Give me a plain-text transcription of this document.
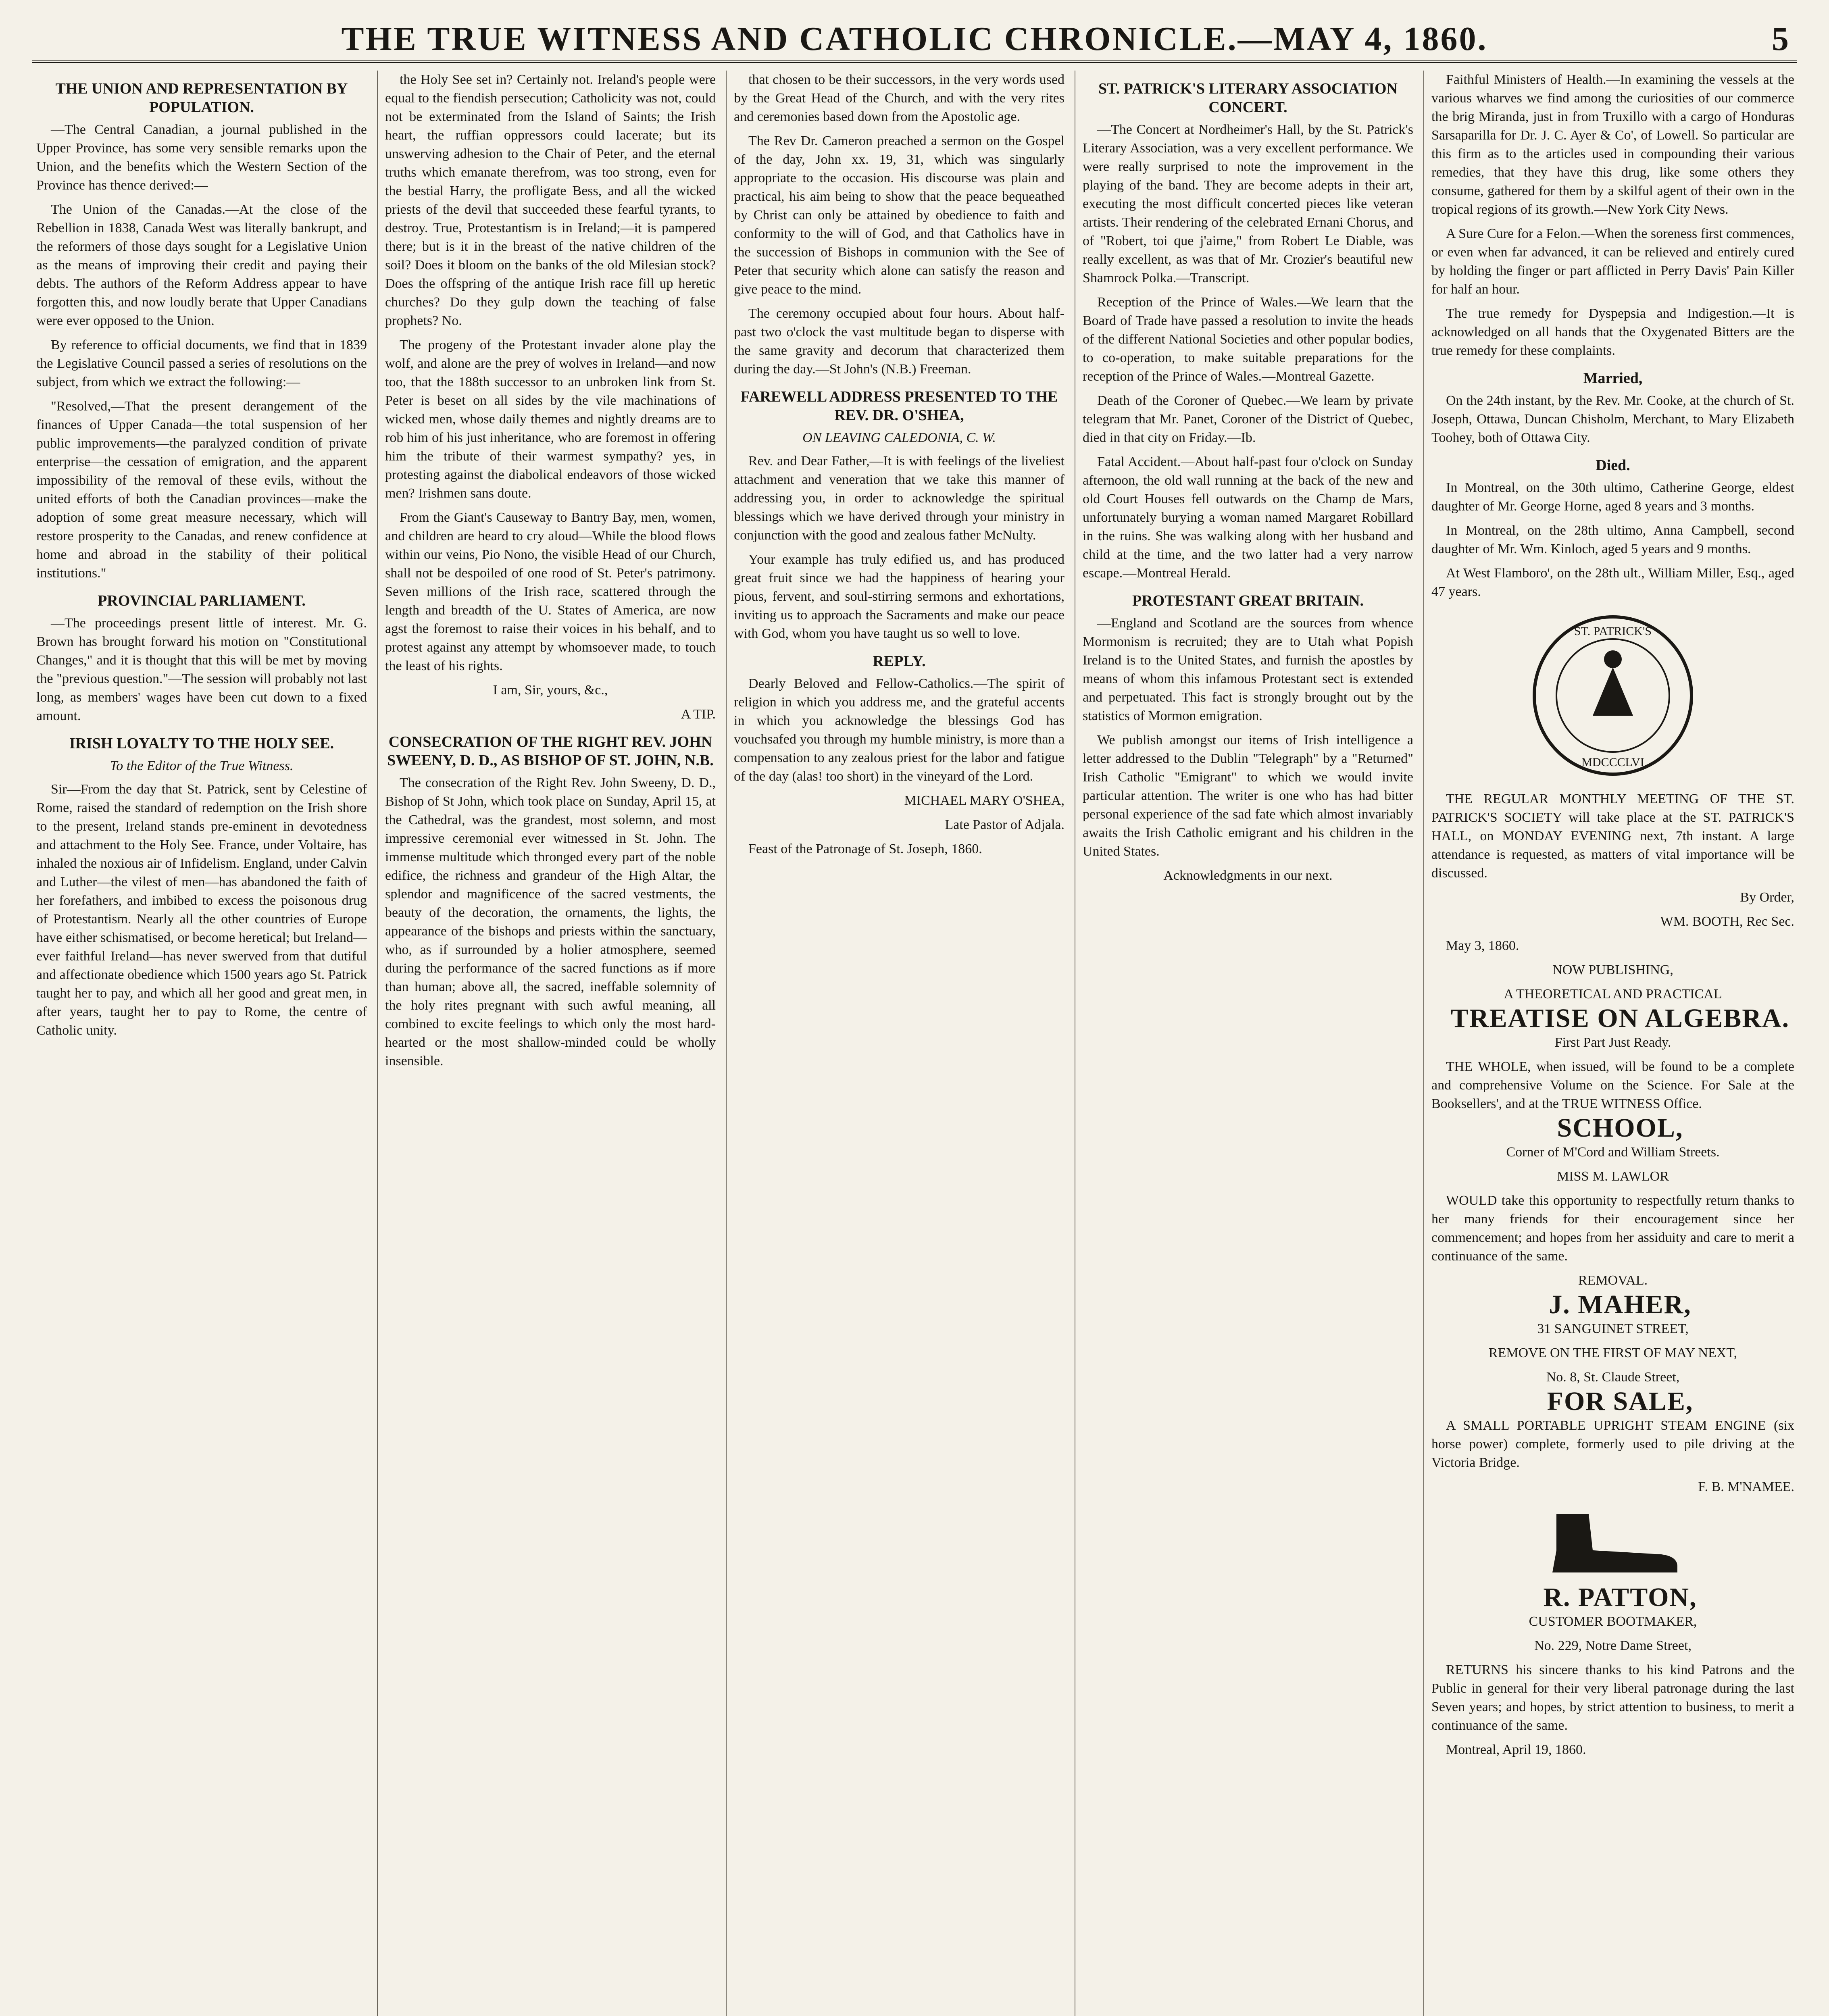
THE TRUE WITNESS AND CATHOLIC CHRONICLE.—MAY 4, 1860.	5

THE UNION AND REPRESENTATION BY POPULATION.

—The Central Canadian, a journal published in the Upper Province, has some very sensible remarks upon the Union, and the benefits which the Western Section of the Province has thence derived:—

The Union of the Canadas.—At the close of the Rebellion in 1838, Canada West was literally bankrupt, and the reformers of those days sought for a Legislative Union as the means of improving their credit and paying their debts. The authors of the Reform Address appear to have forgotten this, and now loudly berate that Upper Canadians were ever opposed to the Union.

By reference to official documents, we find that in 1839 the Legislative Council passed a series of resolutions on the subject, from which we extract the following:—

"Resolved,—That the present derangement of the finances of Upper Canada—the total suspension of her public improvements—the paralyzed condition of private enterprise—the cessation of emigration, and the apparent impossibility of the removal of these evils, without the united efforts of both the Canadian provinces—make the adoption of some great measure necessary, which will restore prosperity to the Canadas, and renew confidence at home and abroad in the stability of their political institutions."

PROVINCIAL PARLIAMENT.

—The proceedings present little of interest. Mr. G. Brown has brought forward his motion on "Constitutional Changes," and it is thought that this will be met by moving the "previous question."—The session will probably not last long, as members' wages have been cut down to a fixed amount.

IRISH LOYALTY TO THE HOLY SEE.

To the Editor of the True Witness.

Sir—From the day that St. Patrick, sent by Celestine of Rome, raised the standard of redemption on the Irish shore to the present, Ireland stands pre-eminent in devotedness and attachment to the Holy See. France, under Voltaire, has inhaled the noxious air of Infidelism. England, under Calvin and Luther—the vilest of men—has abandoned the faith of her forefathers, and imbibed to excess the poisonous drug of Protestantism. Nearly all the other countries of Europe have either schismatised, or become heretical; but Ireland—ever faithful Ireland—has never swerved from that dutiful and affectionate obedience which 1500 years ago St. Patrick taught her to pay, and which all her good and great men, in after years, taught her to pay to Rome, the centre of Catholic unity.

the Holy See set in? Certainly not. Ireland's people were equal to the fiendish persecution; Catholicity was not, could not be exterminated from the Island of Saints; the Irish heart, the ruffian oppressors could lacerate; but its unswerving adhesion to the Chair of Peter, and the eternal truths which emanate therefrom, was too strong, even for the bestial Harry, the profligate Bess, and all the wicked priests of the devil that succeeded these fearful tyrants, to destroy. True, Protestantism is in Ireland;—it is pampered there; but is it in the breast of the native children of the soil? Does it bloom on the banks of the old Milesian stock? Does the offspring of the antique Irish race fill up heretic churches? Do they gulp down the teaching of false prophets? No.

The progeny of the Protestant invader alone play the wolf, and alone are the prey of wolves in Ireland—and now too, that the 188th successor to an unbroken link from St. Peter is beset on all sides by the vile machinations of wicked men, whose daily themes and nightly dreams are to rob him of his just inheritance, who are foremost in offering him the tribute of their warmest sympathy? yes, in protesting against the diabolical endeavors of those wicked men? Irishmen sans doute.

From the Giant's Causeway to Bantry Bay, men, women, and children are heard to cry aloud—While the blood flows within our veins, Pio Nono, the visible Head of our Church, shall not be despoiled of one rood of St. Peter's patrimony. Seven millions of the Irish race, scattered through the length and breadth of the U. States of America, are now agst the foremost to raise their voices in his behalf, and to protest against any attempt by whomsoever made, to touch the least of his rights.

I am, Sir, yours, &c.,

A TIP.

CONSECRATION OF THE RIGHT REV. JOHN SWEENY, D. D., AS BISHOP OF ST. JOHN, N.B.

The consecration of the Right Rev. John Sweeny, D. D., Bishop of St John, which took place on Sunday, April 15, at the Cathedral, was the grandest, most solemn, and most impressive ceremonial ever witnessed in St. John. The immense multitude which thronged every part of the noble edifice, the richness and grandeur of the High Altar, the splendor and magnificence of the sacred vestments, the beauty of the decoration, the ornaments, the lights, the appearance of the bishops and priests within the sanctuary, who, as if surrounded by a holier atmosphere, seemed during the performance of the sacred functions as if more than human; above all, the sacred, ineffable solemnity of the holy rites pregnant with such awful meaning, all combined to excite feelings to which only the most hard-hearted or the most shallow-minded could be wholly insensible.

that chosen to be their successors, in the very words used by the Great Head of the Church, and with the very rites and ceremonies based down from the Apostolic age.

The Rev Dr. Cameron preached a sermon on the Gospel of the day, John xx. 19, 31, which was singularly appropriate to the occasion. His discourse was plain and practical, his aim being to show that the peace bequeathed by Christ can only be attained by obedience to faith and conformity to the will of God, and that Catholics have in the succession of Bishops in communion with the See of Peter that security which alone can satisfy the reason and give peace to the mind.

The ceremony occupied about four hours. About half-past two o'clock the vast multitude began to disperse with the same gravity and decorum that characterized them during the day.—St John's (N.B.) Freeman.

FAREWELL ADDRESS PRESENTED TO THE REV. DR. O'SHEA,

ON LEAVING CALEDONIA, C. W.

Rev. and Dear Father,—It is with feelings of the liveliest attachment and veneration that we take this manner of addressing you, in order to acknowledge the spiritual blessings which we have derived through your ministry in conjunction with the good and zealous father McNulty.

Your example has truly edified us, and has produced great fruit since we had the happiness of hearing your pious, fervent, and soul-stirring sermons and exhortations, inviting us to approach the Sacraments and make our peace with God, whom you have taught us so well to love.

REPLY.

Dearly Beloved and Fellow-Catholics.—The spirit of religion in which you address me, and the grateful accents in which you acknowledge the blessings God has vouchsafed you through my humble ministry, is more than a compensation to any zealous priest for the labor and fatigue of the day (alas! too short) in the vineyard of the Lord.

MICHAEL MARY O'SHEA,

Late Pastor of Adjala.

Feast of the Patronage of St. Joseph, 1860.

ST. PATRICK'S LITERARY ASSOCIATION CONCERT.

—The Concert at Nordheimer's Hall, by the St. Patrick's Literary Association, was a very excellent performance. We were really surprised to note the improvement in the playing of the band. They are become adepts in their art, executing the most difficult concerted pieces like veteran artists. Their rendering of the celebrated Ernani Chorus, and of "Robert, toi que j'aime," from Robert Le Diable, was really excellent, as was that of Mr. Crozier's beautiful new Shamrock Polka.—Transcript.

Reception of the Prince of Wales.—We learn that the Board of Trade have passed a resolution to invite the heads of the different National Societies and other popular bodies, to co-operation, to make suitable preparations for the reception of the Prince of Wales.—Montreal Gazette.

Death of the Coroner of Quebec.—We learn by private telegram that Mr. Panet, Coroner of the District of Quebec, died in that city on Friday.—Ib.

Fatal Accident.—About half-past four o'clock on Sunday afternoon, the old wall running at the back of the new and old Court Houses fell outwards on the Champ de Mars, unfortunately burying a woman named Margaret Robillard in the ruins. She was walking along with her husband and child at the time, and the two latter had a very narrow escape.—Montreal Herald.

PROTESTANT GREAT BRITAIN.

—England and Scotland are the sources from whence Mormonism is recruited; they are to Utah what Popish Ireland is to the United States, and furnish the apostles by means of whom this infamous Protestant sect is extended and perpetuated. This fact is strongly brought out by the statistics of Mormon emigration.

We publish amongst our items of Irish intelligence a letter addressed to the Dublin "Telegraph" by a "Returned" Irish Catholic "Emigrant" to which we would invite particular attention. The writer is one who has had bitter personal experience of the sad fate which almost invariably awaits the Irish Catholic emigrant and his children in the United States.

Acknowledgments in our next.

Faithful Ministers of Health.—In examining the vessels at the various wharves we find among the curiosities of our commerce the brig Miranda, just in from Truxillo with a cargo of Honduras Sarsaparilla for Dr. J. C. Ayer & Co', of Lowell. So particular are this firm as to the articles used in compounding their various remedies, that they have this drug, like some others they consume, gathered for them by a skilful agent of their own in the tropical regions of its growth.—New York City News.

A Sure Cure for a Felon.—When the soreness first commences, or even when far advanced, it can be relieved and entirely cured by holding the finger or part afflicted in Perry Davis' Pain Killer for half an hour.

The true remedy for Dyspepsia and Indigestion.—It is acknowledged on all hands that the Oxygenated Bitters are the true remedy for these complaints.

Married,

On the 24th instant, by the Rev. Mr. Cooke, at the church of St. Joseph, Ottawa, Duncan Chisholm, Merchant, to Mary Elizabeth Toohey, both of Ottawa City.

Died.

In Montreal, on the 30th ultimo, Catherine George, eldest daughter of Mr. George Horne, aged 8 years and 3 months.

In Montreal, on the 28th ultimo, Anna Campbell, second daughter of Mr. Wm. Kinloch, aged 5 years and 9 months.

At West Flamboro', on the 28th ult., William Miller, Esq., aged 47 years.

ST. PATRICK'S
MDCCCLVI

THE REGULAR MONTHLY MEETING OF THE ST. PATRICK'S SOCIETY will take place at the ST. PATRICK'S HALL, on MONDAY EVENING next, 7th instant. A large attendance is requested, as matters of vital importance will be discussed.

By Order,

WM. BOOTH, Rec Sec.

May 3, 1860.

NOW PUBLISHING,

A THEORETICAL AND PRACTICAL

TREATISE ON ALGEBRA.

First Part Just Ready.

THE WHOLE, when issued, will be found to be a complete and comprehensive Volume on the Science. For Sale at the Booksellers', and at the TRUE WITNESS Office.

SCHOOL,

Corner of M'Cord and William Streets.

MISS M. LAWLOR

WOULD take this opportunity to respectfully return thanks to her many friends for their encouragement since her commencement; and hopes from her assiduity and care to merit a continuance of the same.

REMOVAL.

J. MAHER,

31 SANGUINET STREET,

REMOVE ON THE FIRST OF MAY NEXT,

No. 8, St. Claude Street,

FOR SALE,

A SMALL PORTABLE UPRIGHT STEAM ENGINE (six horse power) complete, formerly used to pile driving at the Victoria Bridge.

F. B. M'NAMEE.

R. PATTON,

CUSTOMER BOOTMAKER,

No. 229, Notre Dame Street,

RETURNS his sincere thanks to his kind Patrons and the Public in general for their very liberal patronage during the last Seven years; and hopes, by strict attention to business, to merit a continuance of the same.

Montreal, April 19, 1860.
